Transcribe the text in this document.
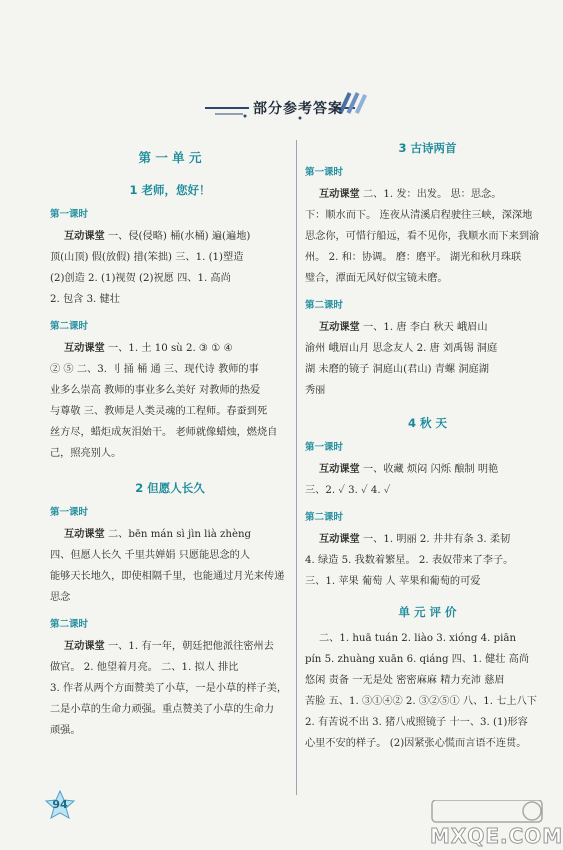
部分参考答案
第 一 单 元
1 老师，您好！
第一课时

互动课堂 一、侵(侵略) 桶(水桶) 遍(遍地)

顶(山顶) 假(放假) 措(笨拙) 三、1. (1)塑造

(2)创造 2. (1)视贺 (2)祝愿 四、1. 高尚

2. 包含 3. 健壮

第二课时

互动课堂 一、1. 土 10 sù 2. ③ ① ④

② ⑤ 二、3. 刂 捅 桶 通 三、现代诗 教师的事

业多么崇高 教师的事业多么美好 对教师的热爱

与尊敬 三、教师是人类灵魂的工程师。春蚕到死

丝方尽，蜡炬成灰泪始干。 老师就像蜡烛，燃烧自

己，照亮别人。

2 但愿人长久
第一课时

互动课堂 二、bēn mán sì jìn lià zhèng

四、但愿人长久 千里共婵娟 只愿能思念的人

能够天长地久，即使相隔千里，也能通过月光来传递

思念

第二课时

互动课堂 一、1. 有一年，朝廷把他派往密州去

做官。 2. 他望着月亮。 二、1. 拟人 排比

3. 作者从两个方面赞美了小草，一是小草的样子美，

二是小草的生命力顽强。重点赞美了小草的生命力

顽强。

3 古诗两首
第一课时

互动课堂 二、1. 发：出发。 思：思念。

下：顺水而下。 连夜从清溪启程驶往三峡，深深地

思念你，可惜行船远，看不见你，我顺水而下来到渝

州。 2. 和：协调。 磨：磨平。 湖光和秋月珠联

璧合，潭面无风好似宝镜未磨。

第二课时

互动课堂 一、1. 唐 李白 秋天 峨眉山

渝州 峨眉山月 思念友人 2. 唐 刘禹锡 洞庭

湖 未磨的镜子 洞庭山(君山) 青螺 洞庭湖

秀丽

4 秋 天
第一课时

互动课堂 一、收藏 烦闷 闪烁 酿制 明艳

三、2. ✓ 3. ✓ 4. ✓

第二课时

互动课堂 一、1. 明丽 2. 井井有条 3. 柔韧

4. 绿造 5. 我数着繁星。 2. 表奴带来了李子。

三、1. 苹果 葡萄 人 苹果和葡萄的可爱

单 元 评 价

二、1. huā tuán 2. liào 3. xióng 4. piān

pín 5. zhuàng xuān 6. qiáng 四、1. 健壮 高尚

悠闲 责备 一无是处 密密麻麻 精力充沛 慈眉

苦脸 五、1. ③①④② 2. ③②⑤① 八、1. 七上八下

2. 有苦说不出 3. 猪八戒照镜子 十一、3. (1)形容

心里不安的样子。 (2)因紧张心慌而言语不连贯。

94
MXQE.COM
